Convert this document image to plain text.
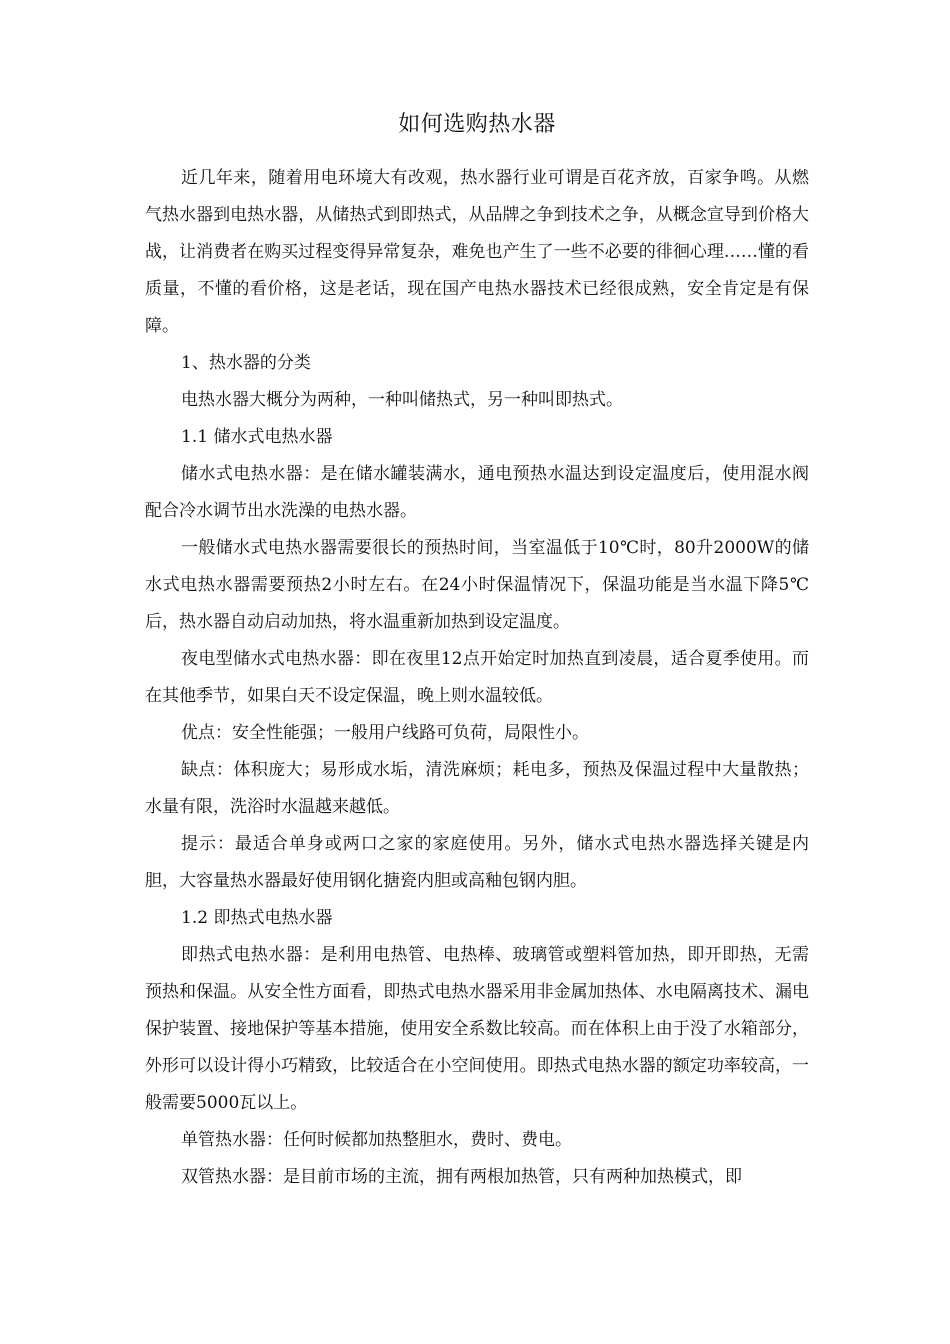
如何选购热水器

近几年来，随着用电环境大有改观，热水器行业可谓是百花齐放，百家争鸣。从燃气热水器到电热水器，从储热式到即热式，从品牌之争到技术之争，从概念宣导到价格大战，让消费者在购买过程变得异常复杂，难免也产生了一些不必要的徘徊心理……懂的看质量，不懂的看价格，这是老话，现在国产电热水器技术已经很成熟，安全肯定是有保障。

1、热水器的分类

电热水器大概分为两种，一种叫储热式，另一种叫即热式。

1.1 储水式电热水器

储水式电热水器：是在储水罐装满水，通电预热水温达到设定温度后，使用混水阀配合冷水调节出水洗澡的电热水器。

一般储水式电热水器需要很长的预热时间，当室温低于10℃时，80升2000W的储水式电热水器需要预热2小时左右。在24小时保温情况下，保温功能是当水温下降5℃后，热水器自动启动加热，将水温重新加热到设定温度。

夜电型储水式电热水器：即在夜里12点开始定时加热直到凌晨，适合夏季使用。而在其他季节，如果白天不设定保温，晚上则水温较低。

优点：安全性能强；一般用户线路可负荷，局限性小。

缺点：体积庞大；易形成水垢，清洗麻烦；耗电多，预热及保温过程中大量散热；水量有限，洗浴时水温越来越低。

提示：最适合单身或两口之家的家庭使用。另外，储水式电热水器选择关键是内胆，大容量热水器最好使用钢化搪瓷内胆或高釉包钢内胆。

1.2 即热式电热水器

即热式电热水器：是利用电热管、电热棒、玻璃管或塑料管加热，即开即热，无需预热和保温。从安全性方面看，即热式电热水器采用非金属加热体、水电隔离技术、漏电保护装置、接地保护等基本措施，使用安全系数比较高。而在体积上由于没了水箱部分，外形可以设计得小巧精致，比较适合在小空间使用。即热式电热水器的额定功率较高，一般需要5000瓦以上。

单管热水器：任何时候都加热整胆水，费时、费电。

双管热水器：是目前市场的主流，拥有两根加热管，只有两种加热模式，即
